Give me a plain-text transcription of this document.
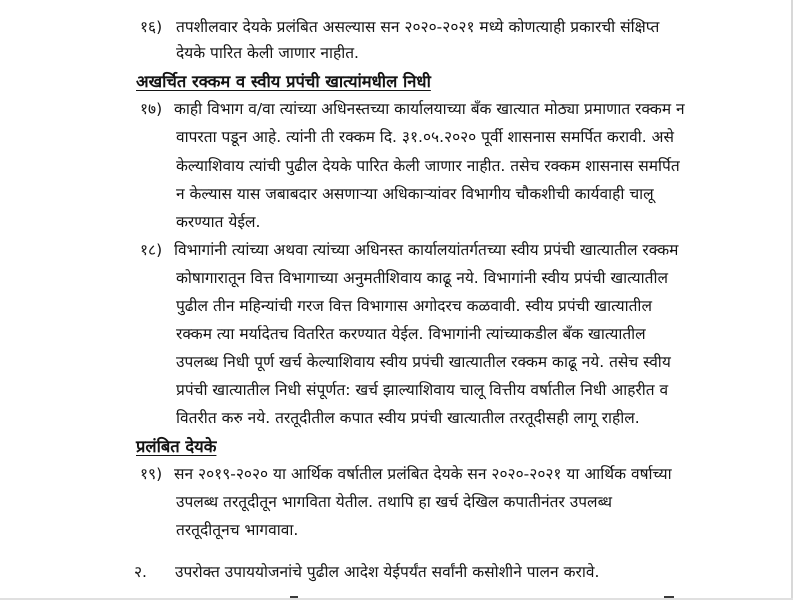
१६) तपशीलवार देयके प्रलंबित असल्यास सन २०२०-२०२१ मध्ये कोणत्याही प्रकारची संक्षिप्त
देयके पारित केली जाणार नाहीत.
अखर्चित रक्कम व स्वीय प्रपंची खात्यांमधील निधी
१७) काही विभाग व/वा त्यांच्या अधिनस्तच्या कार्यालयाच्या बँक खात्यात मोठ्या प्रमाणात रक्कम न
वापरता पडून आहे. त्यांनी ती रक्कम दि. ३१.०५.२०२० पूर्वी शासनास समर्पित करावी. असे
केल्याशिवाय त्यांची पुढील देयके पारित केली जाणार नाहीत. तसेच रक्कम शासनास समर्पित
न केल्यास यास जबाबदार असणाऱ्या अधिकाऱ्यांवर विभागीय चौकशीची कार्यवाही चालू
करण्यात येईल.
१८) विभागांनी त्यांच्या अथवा त्यांच्या अधिनस्त कार्यालयांतर्गतच्या स्वीय प्रपंची खात्यातील रक्कम
कोषागारातून वित्त विभागाच्या अनुमतीशिवाय काढू नये. विभागांनी स्वीय प्रपंची खात्यातील
पुढील तीन महिन्यांची गरज वित्त विभागास अगोदरच कळवावी. स्वीय प्रपंची खात्यातील
रक्कम त्या मर्यादेतच वितरित करण्यात येईल. विभागांनी त्यांच्याकडील बँक खात्यातील
उपलब्ध निधी पूर्ण खर्च केल्याशिवाय स्वीय प्रपंची खात्यातील रक्कम काढू नये. तसेच स्वीय
प्रपंची खात्यातील निधी संपूर्णत: खर्च झाल्याशिवाय चालू वित्तीय वर्षातील निधी आहरीत व
वितरीत करु नये. तरतूदीतील कपात स्वीय प्रपंची खात्यातील तरतूदीसही लागू राहील.
प्रलंबित देयके
१९) सन २०१९-२०२० या आर्थिक वर्षातील प्रलंबित देयके सन २०२०-२०२१ या आर्थिक वर्षाच्या
उपलब्ध तरतूदीतून भागविता येतील. तथापि हा खर्च देखिल कपातीनंतर उपलब्ध
तरतूदीतूनच भागवावा.
२. उपरोक्त उपाययोजनांचे पुढील आदेश येईपर्यंत सर्वांनी कसोशीने पालन करावे.
